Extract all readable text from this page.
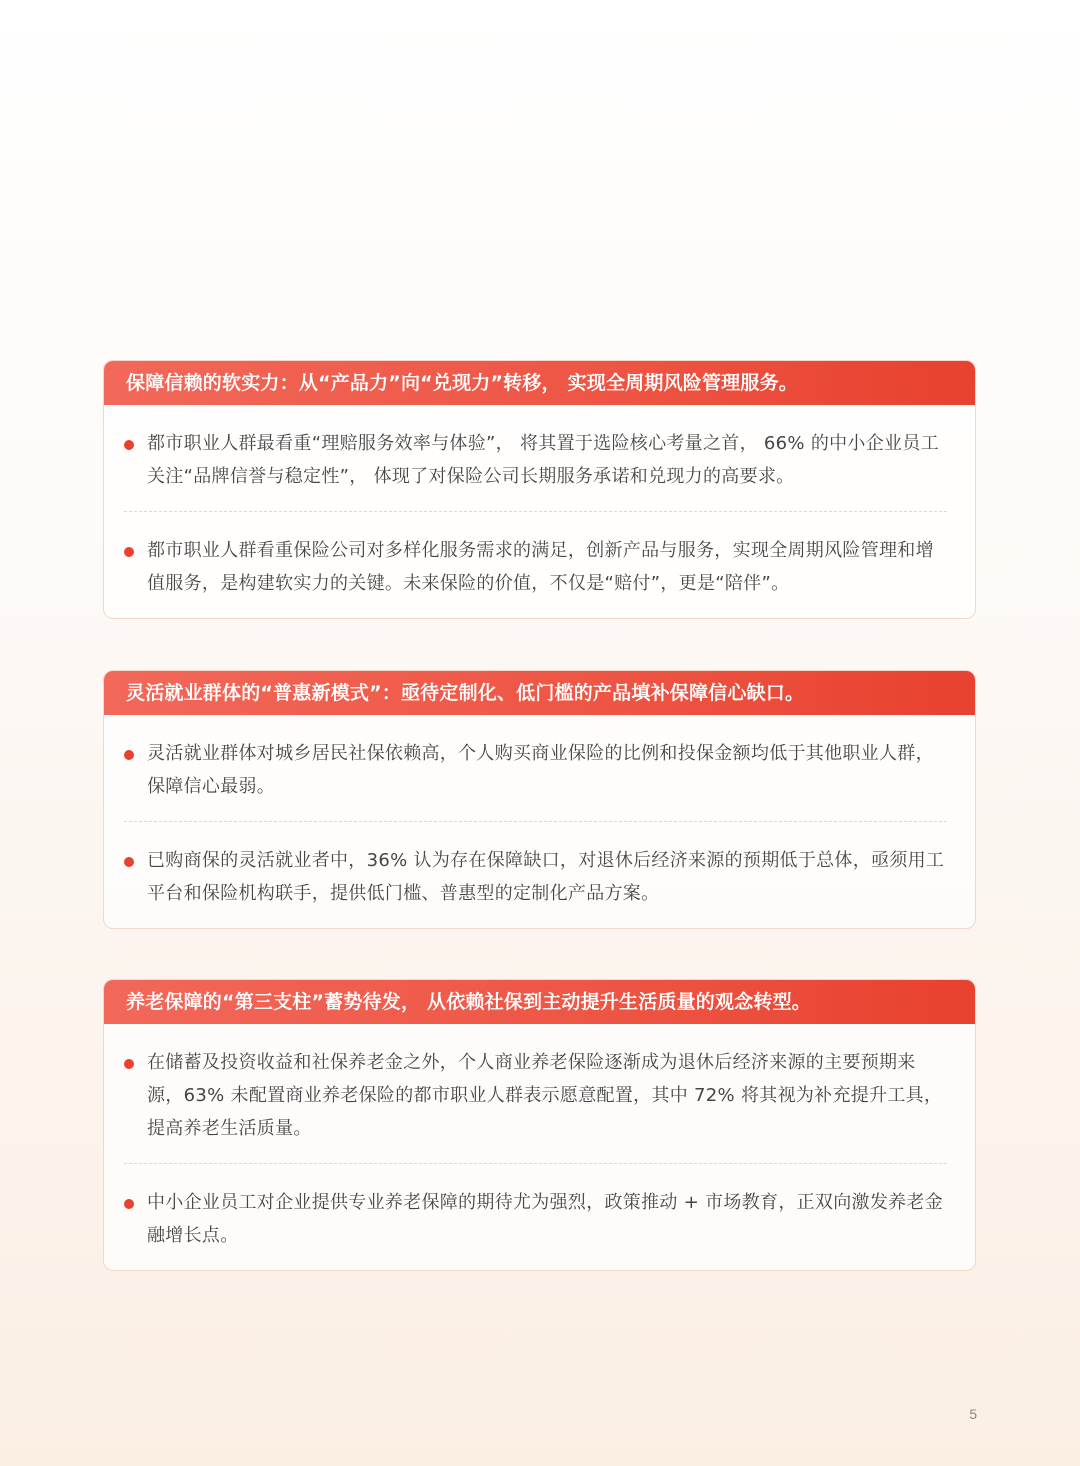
保障信赖的软实力：从“产品力”向“兑现力”转移， 实现全周期风险管理服务。
都市职业人群最看重“理赔服务效率与体验”， 将其置于选险核心考量之首， 66% 的中小企业员工关注“品牌信誉与稳定性”， 体现了对保险公司长期服务承诺和兑现力的高要求。
都市职业人群看重保险公司对多样化服务需求的满足，创新产品与服务，实现全周期风险管理和增值服务，是构建软实力的关键。未来保险的价值，不仅是“赔付”，更是“陪伴”。
灵活就业群体的“普惠新模式”：亟待定制化、低门槛的产品填补保障信心缺口。
灵活就业群体对城乡居民社保依赖高，个人购买商业保险的比例和投保金额均低于其他职业人群，保障信心最弱。
已购商保的灵活就业者中，36% 认为存在保障缺口，对退休后经济来源的预期低于总体，亟须用工平台和保险机构联手，提供低门槛、普惠型的定制化产品方案。
养老保障的“第三支柱”蓄势待发， 从依赖社保到主动提升生活质量的观念转型。
在储蓄及投资收益和社保养老金之外，个人商业养老保险逐渐成为退休后经济来源的主要预期来源，63% 未配置商业养老保险的都市职业人群表示愿意配置，其中 72% 将其视为补充提升工具，提高养老生活质量。
中小企业员工对企业提供专业养老保障的期待尤为强烈，政策推动 + 市场教育，正双向激发养老金融增长点。
5
